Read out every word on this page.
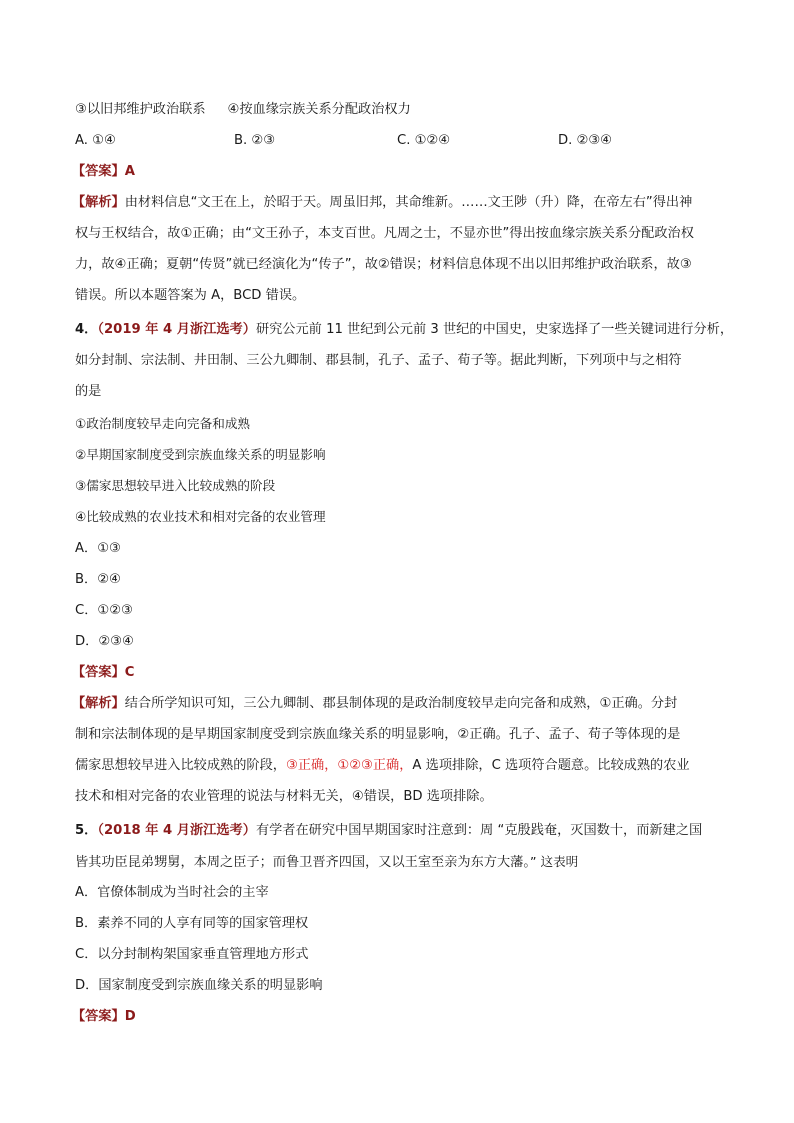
③以旧邦维护政治联系 ④按血缘宗族关系分配政治权力
A. ①④	B. ②③	C. ①②④	D. ②③④
【答案】A
【解析】由材料信息“文王在上，於昭于天。周虽旧邦，其命维新。……文王陟（升）降，在帝左右”得出神
权与王权结合，故①正确；由“文王孙子，本支百世。凡周之士，不显亦世”得出按血缘宗族关系分配政治权
力，故④正确；夏朝“传贤”就已经演化为“传子”，故②错误；材料信息体现不出以旧邦维护政治联系，故③
错误。所以本题答案为 A，BCD 错误。
4．（2019 年 4 月浙江选考）研究公元前 11 世纪到公元前 3 世纪的中国史，史家选择了一些关键词进行分析，
如分封制、宗法制、井田制、三公九卿制、郡县制，孔子、孟子、荀子等。据此判断，下列项中与之相符
的是
①政治制度较早走向完备和成熟
②早期国家制度受到宗族血缘关系的明显影响
③儒家思想较早进入比较成熟的阶段
④比较成熟的农业技术和相对完备的农业管理
A．①③
B．②④
C．①②③
D．②③④
【答案】C
【解析】结合所学知识可知，三公九卿制、郡县制体现的是政治制度较早走向完备和成熟，①正确。分封
制和宗法制体现的是早期国家制度受到宗族血缘关系的明显影响，②正确。孔子、孟子、荀子等体现的是
儒家思想较早进入比较成熟的阶段，③正确，①②③正确，A 选项排除，C 选项符合题意。比较成熟的农业
技术和相对完备的农业管理的说法与材料无关，④错误，BD 选项排除。
5．（2018 年 4 月浙江选考）有学者在研究中国早期国家时注意到：周 “克殷践奄，灭国数十，而新建之国
皆其功臣昆弟甥舅，本周之臣子；而鲁卫晋齐四国，又以王室至亲为东方大藩。” 这表明
A．官僚体制成为当时社会的主宰
B．素养不同的人享有同等的国家管理权
C．以分封制构架国家垂直管理地方形式
D．国家制度受到宗族血缘关系的明显影响
【答案】D
